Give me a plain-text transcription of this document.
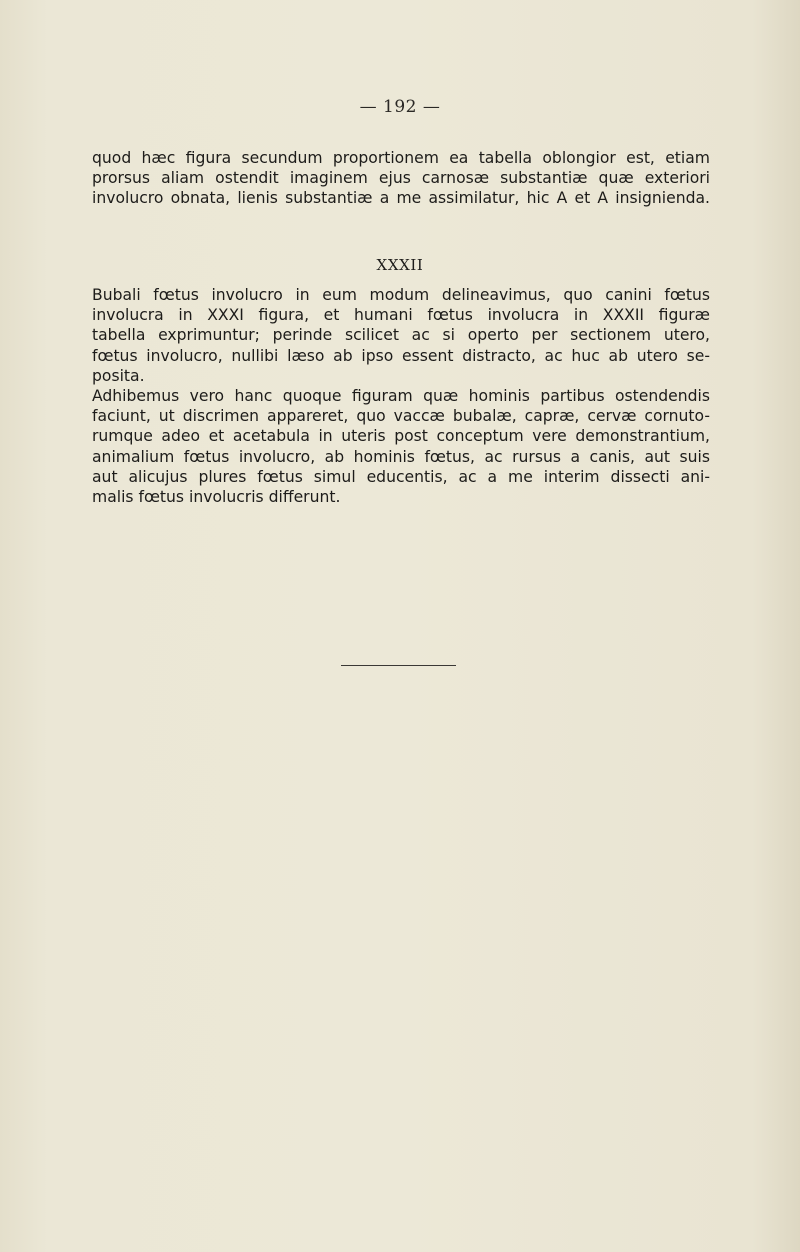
— 192 —
quod hæc figura secundum proportionem ea tabella oblongior est, etiam
prorsus aliam ostendit imaginem ejus carnosæ substantiæ quæ exteriori
involucro obnata, lienis substantiæ a me assimilatur, hic A et A insignienda.
XXXII
Bubali fœtus involucro in eum modum delineavimus, quo canini fœtus
involucra in XXXI figura, et humani fœtus involucra in XXXII figuræ
tabella exprimuntur; perinde scilicet ac si operto per sectionem utero,
fœtus involucro, nullibi læso ab ipso essent distracto, ac huc ab utero se-
posita.
Adhibemus vero hanc quoque figuram quæ hominis partibus ostendendis
faciunt, ut discrimen appareret, quo vaccæ bubalæ, capræ, cervæ cornuto-
rumque adeo et acetabula in uteris post conceptum vere demonstrantium,
animalium fœtus involucro, ab hominis fœtus, ac rursus a canis, aut suis
aut alicujus plures fœtus simul educentis, ac a me interim dissecti ani-
malis fœtus involucris differunt.
